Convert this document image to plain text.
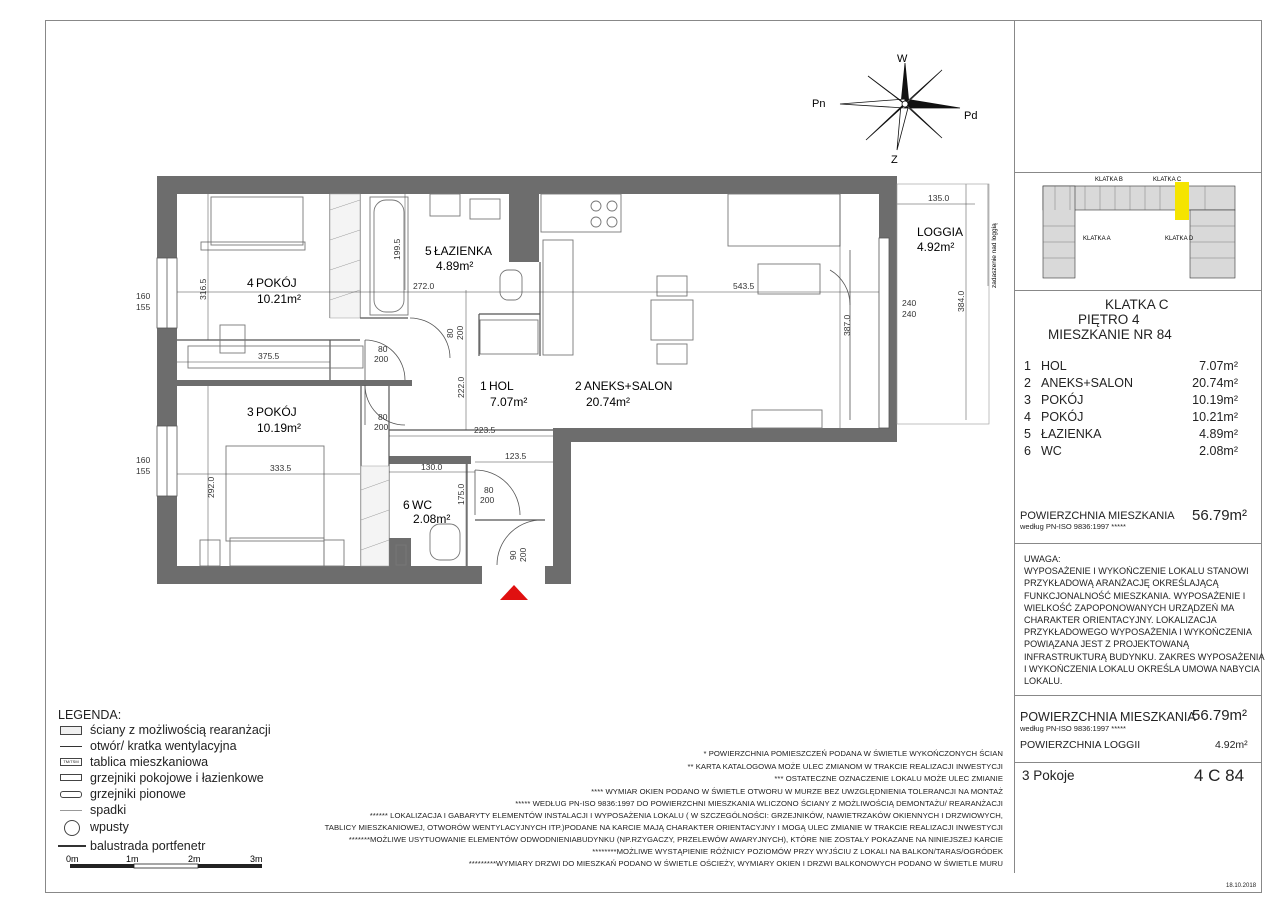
W
Z
Pn
Pd
4 POKÓJ
10.21m²
3 POKÓJ
10.19m²
5 ŁAZIENKA
4.89m²
1 HOL
7.07m²
2 ANEKS+SALON
20.74m²
6 WC
2.08m²
LOGGIA
4.92m²	zadaszenie nad loggią
135.0
199.5
272.0	543.5
316.5
387.0
384.0
375.5
222.0
223.5
333.5	130.0
123.5
175.0
292.0
160
155
160
155
240
240
80
200
80
200
80 200
80
200
90 200
KLATKA B	KLATKA C
KLATKA A	KLATKA D
KLATKA C
PIĘTRO 4
MIESZKANIE NR 84
1 HOL	7.07m²
2 ANEKS+SALON	20.74m²
3 POKÓJ	10.19m²
4 POKÓJ	10.21m²
5 ŁAZIENKA	4.89m²
6 WC	2.08m²
POWIERZCHNIA MIESZKANIA
według PN-ISO 9836:1997 *****
56.79m²
UWAGA:
WYPOSAŻENIE I WYKOŃCZENIE LOKALU STANOWI
PRZYKŁADOWĄ ARANŻACJĘ OKREŚLAJĄCĄ
FUNKCJONALNOŚĆ MIESZKANIA. WYPOSAŻENIE I
WIELKOŚĆ ZAPOPONOWANYCH URZĄDZEŃ MA
CHARAKTER ORIENTACYJNY. LOKALIZACJA
PRZYKŁADOWEGO WYPOSAŻENIA I WYKOŃCZENIA
POWIĄZANA JEST Z PROJEKTOWANĄ
INFRASTRUKTURĄ BUDYNKU. ZAKRES WYPOSAŻENIA
I WYKOŃCZENIA LOKALU OKREŚLA UMOWA NABYCIA
LOKALU.
POWIERZCHNIA MIESZKANIA
56.79m²
według PN-ISO 9836:1997 *****
POWIERZCHNIA LOGGII	4.92m²
3 Pokoje	4 C 84
18.10.2018
LEGENDA:
ściany z możliwością rearanżacji
otwór/ kratka wentylacyjna
TM/TSM tablica mieszkaniowa
grzejniki pokojowe i łazienkowe
grzejniki pionowe
spadki
wpusty
balustrada portfenetr
0m	1m	2m	3m
* POWIERZCHNIA POMIESZCZEŃ PODANA W ŚWIETLE WYKOŃCZONYCH ŚCIAN
** KARTA KATALOGOWA MOŻE ULEC ZMIANOM W TRAKCIE REALIZACJI INWESTYCJI
*** OSTATECZNE OZNACZENIE LOKALU MOŻE ULEC ZMIANIE
**** WYMIAR OKIEN PODANO W ŚWIETLE OTWORU W MURZE BEZ UWZGLĘDNIENIA TOLERANCJI NA MONTAŻ
***** WEDŁUG PN-ISO 9836:1997 DO POWIERZCHNI MIESZKANIA WLICZONO ŚCIANY Z MOŻLIWOŚCIĄ DEMONTAŻU/ REARANŻACJI
****** LOKALIZACJA I GABARYTY ELEMENTÓW INSTALACJI I WYPOSAŻENIA LOKALU ( W SZCZEGÓLNOŚCI: GRZEJNIKÓW, NAWIETRZAKÓW OKIENNYCH I DRZWIOWYCH,
TABLICY MIESZKANIOWEJ, OTWORÓW WENTYLACYJNYCH ITP.)PODANE NA KARCIE MAJĄ CHARAKTER ORIENTACYJNY I MOGĄ ULEC ZMIANIE W TRAKCIE REALIZACJI INWESTYCJI
*******MOŻLIWE USYTUOWANIE ELEMENTÓW ODWODNIENIABUDYNKU (NP.RZYGACZY, PRZELEWÓW AWARYJNYCH), KTÓRE NIE ZOSTAŁY POKAZANE NA NINIEJSZEJ KARCIE
********MOŻLIWE WYSTĄPIENIE RÓŻNICY POZIOMÓW PRZY WYJŚCIU Z LOKALI NA BALKON/TARAS/OGRÓDEK
*********WYMIARY DRZWI DO MIESZKAŃ PODANO W ŚWIETLE OŚCIEŻY, WYMIARY OKIEN I DRZWI BALKONOWYCH PODANO W ŚWIETLE MURU
